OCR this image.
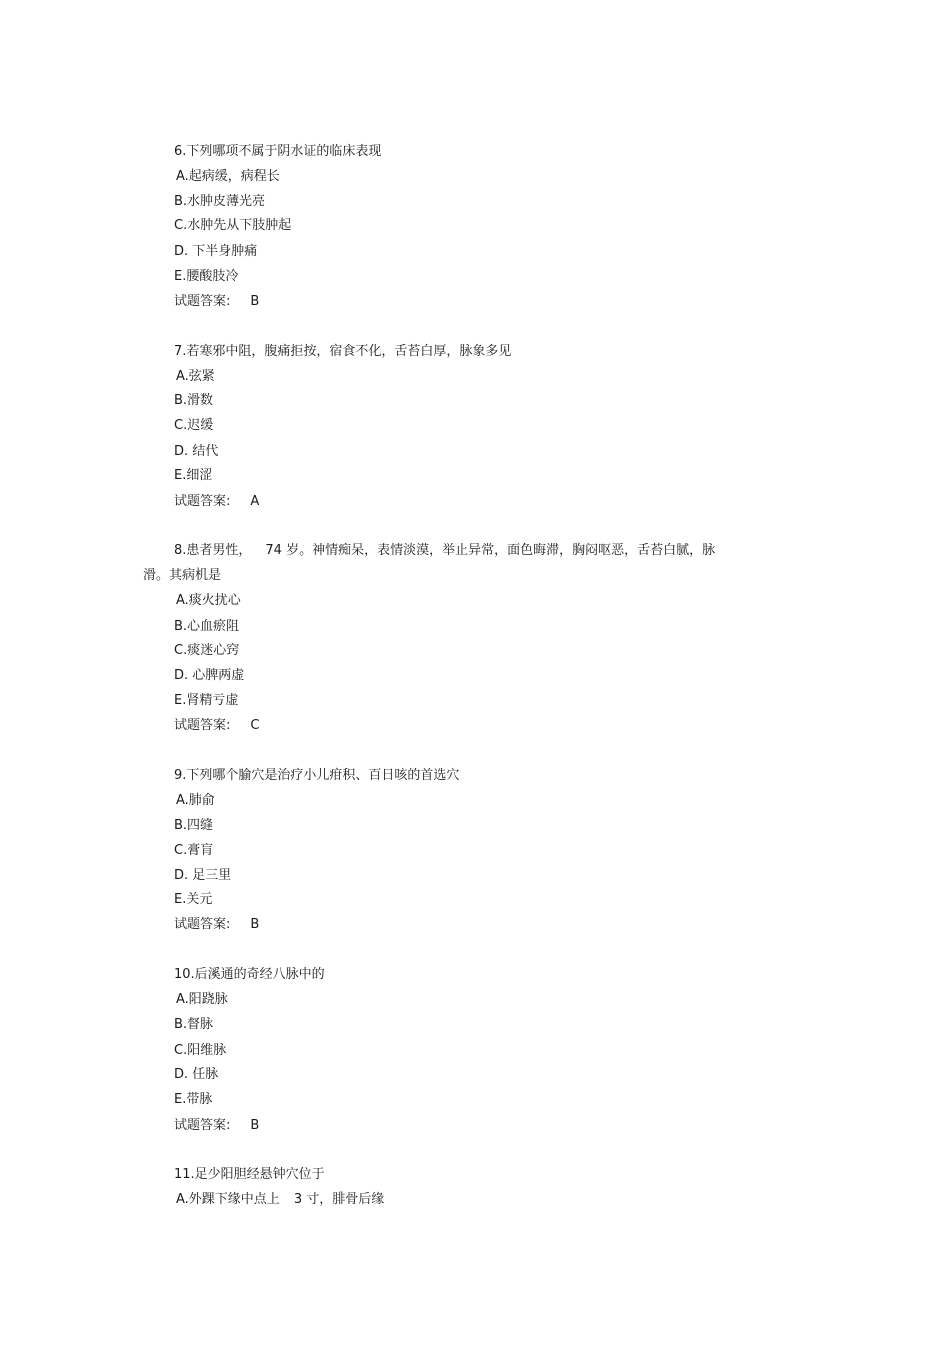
6.下列哪项不属于阴水证的临床表现
A.起病缓，病程长
B.水肿皮薄光亮
C.水肿先从下肢肿起
D. 下半身肿痛
E.腰酸肢冷
试题答案: B
7.若寒邪中阻，腹痛拒按，宿食不化，舌苔白厚，脉象多见
A.弦紧
B.滑数
C.迟缓
D. 结代
E.细涩
试题答案: A
8.患者男性， 74 岁。神情痴呆，表情淡漠，举止异常，面色晦滞，胸闷呕恶，舌苔白腻，脉
滑。其病机是
A.痰火扰心
B.心血瘀阻
C.痰迷心窍
D. 心脾两虚
E.肾精亏虚
试题答案: C
9.下列哪个腧穴是治疗小儿疳积、百日咳的首选穴
A.肺俞
B.四缝
C.膏肓
D. 足三里
E.关元
试题答案: B
10.后溪通的奇经八脉中的
A.阳跷脉
B.督脉
C.阳维脉
D. 任脉
E.带脉
试题答案: B
11.足少阳胆经悬钟穴位于
A.外踝下缘中点上 3 寸，腓骨后缘
